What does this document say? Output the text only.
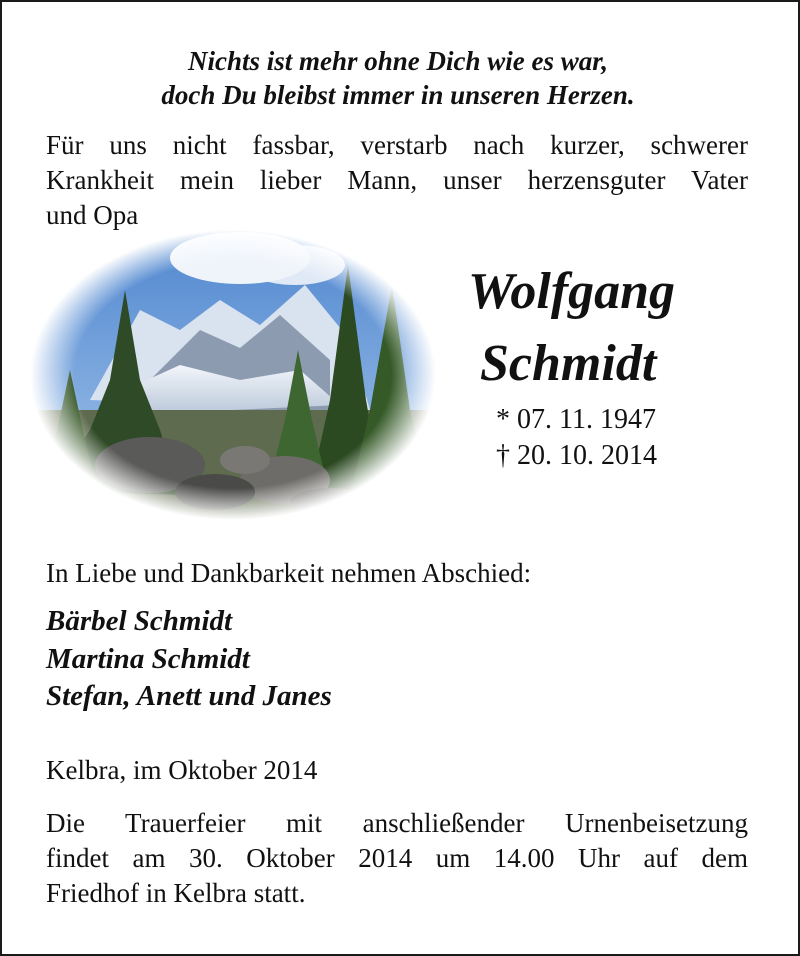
Nichts ist mehr ohne Dich wie es war,
doch Du bleibst immer in unseren Herzen.
Für uns nicht fassbar, verstarb nach kurzer, schwerer
Krankheit mein lieber Mann, unser herzensguter Vater
und Opa
Wolfgang
Schmidt
* 07. 11. 1947
† 20. 10. 2014
In Liebe und Dankbarkeit nehmen Abschied:
Bärbel Schmidt
Martina Schmidt
Stefan, Anett und Janes
Kelbra, im Oktober 2014
Die Trauerfeier mit anschließender Urnenbeisetzung
findet am 30. Oktober 2014 um 14.00 Uhr auf dem
Friedhof in Kelbra statt.
